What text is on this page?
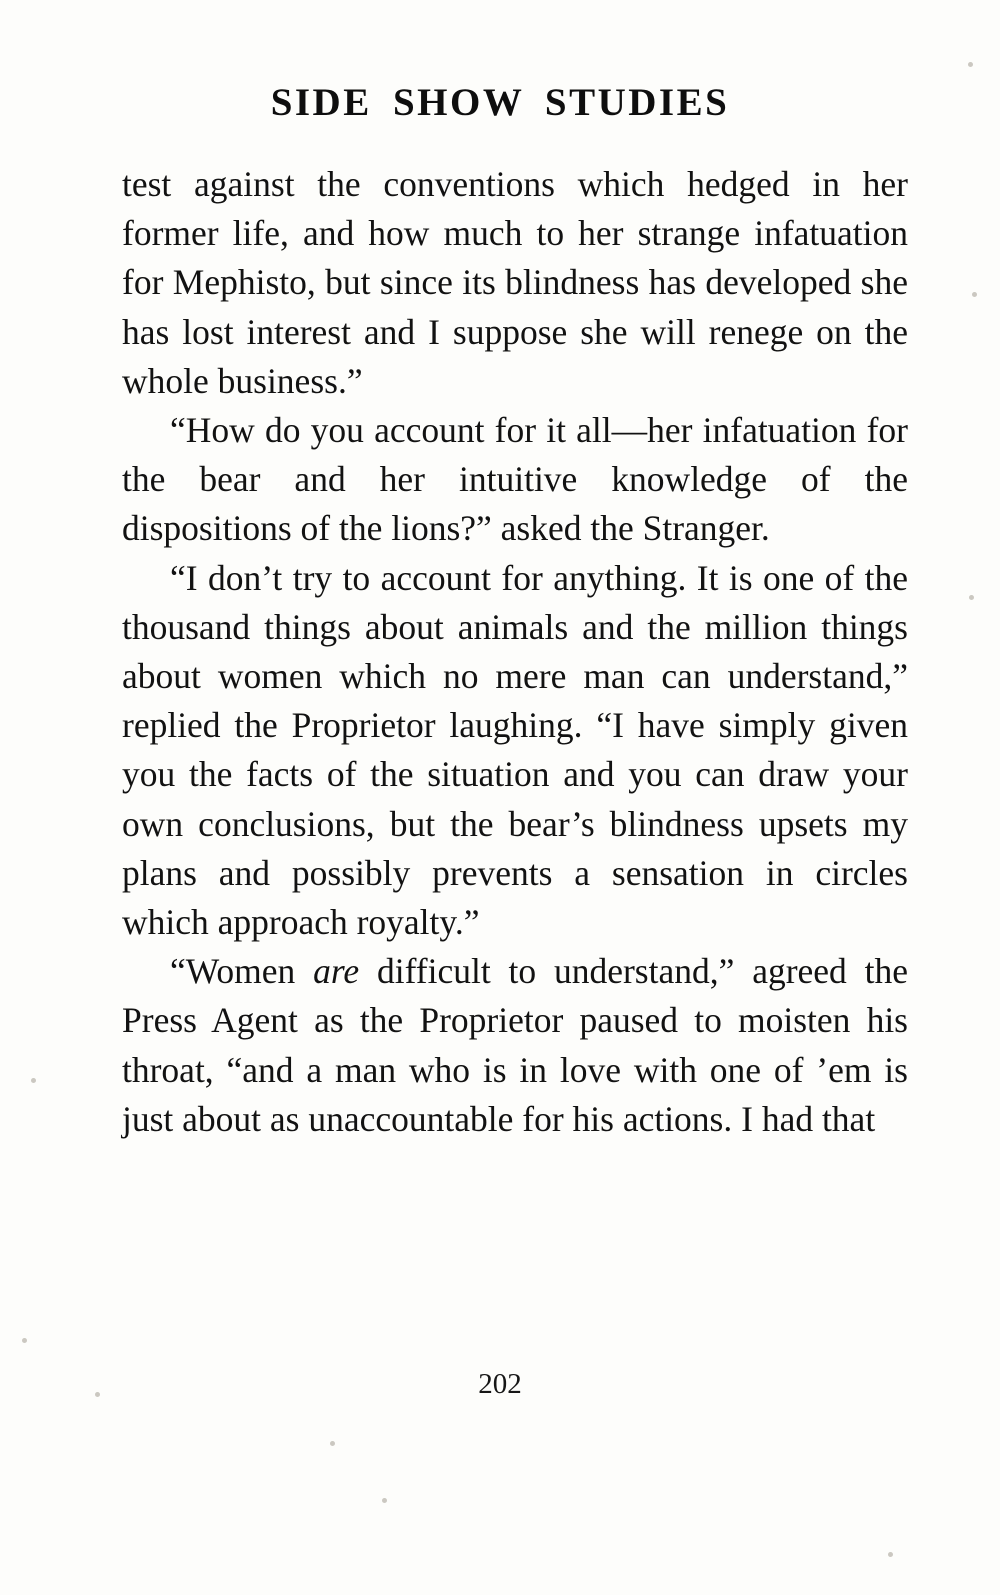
SIDE SHOW STUDIES

test against the conventions which hedged in her former life, and how much to her strange infatuation for Mephisto, but since its blindness has developed she has lost interest and I suppose she will renege on the whole business.”

“How do you account for it all—her infatuation for the bear and her intuitive knowledge of the dispositions of the lions?” asked the Stranger.

“I don’t try to account for anything. It is one of the thousand things about animals and the million things about women which no mere man can understand,” replied the Proprietor laughing. “I have simply given you the facts of the situation and you can draw your own conclusions, but the bear’s blindness upsets my plans and possibly prevents a sensation in circles which approach royalty.”

“Women are difficult to understand,” agreed the Press Agent as the Proprietor paused to moisten his throat, “and a man who is in love with one of ’em is just about as unaccountable for his actions. I had that

202
